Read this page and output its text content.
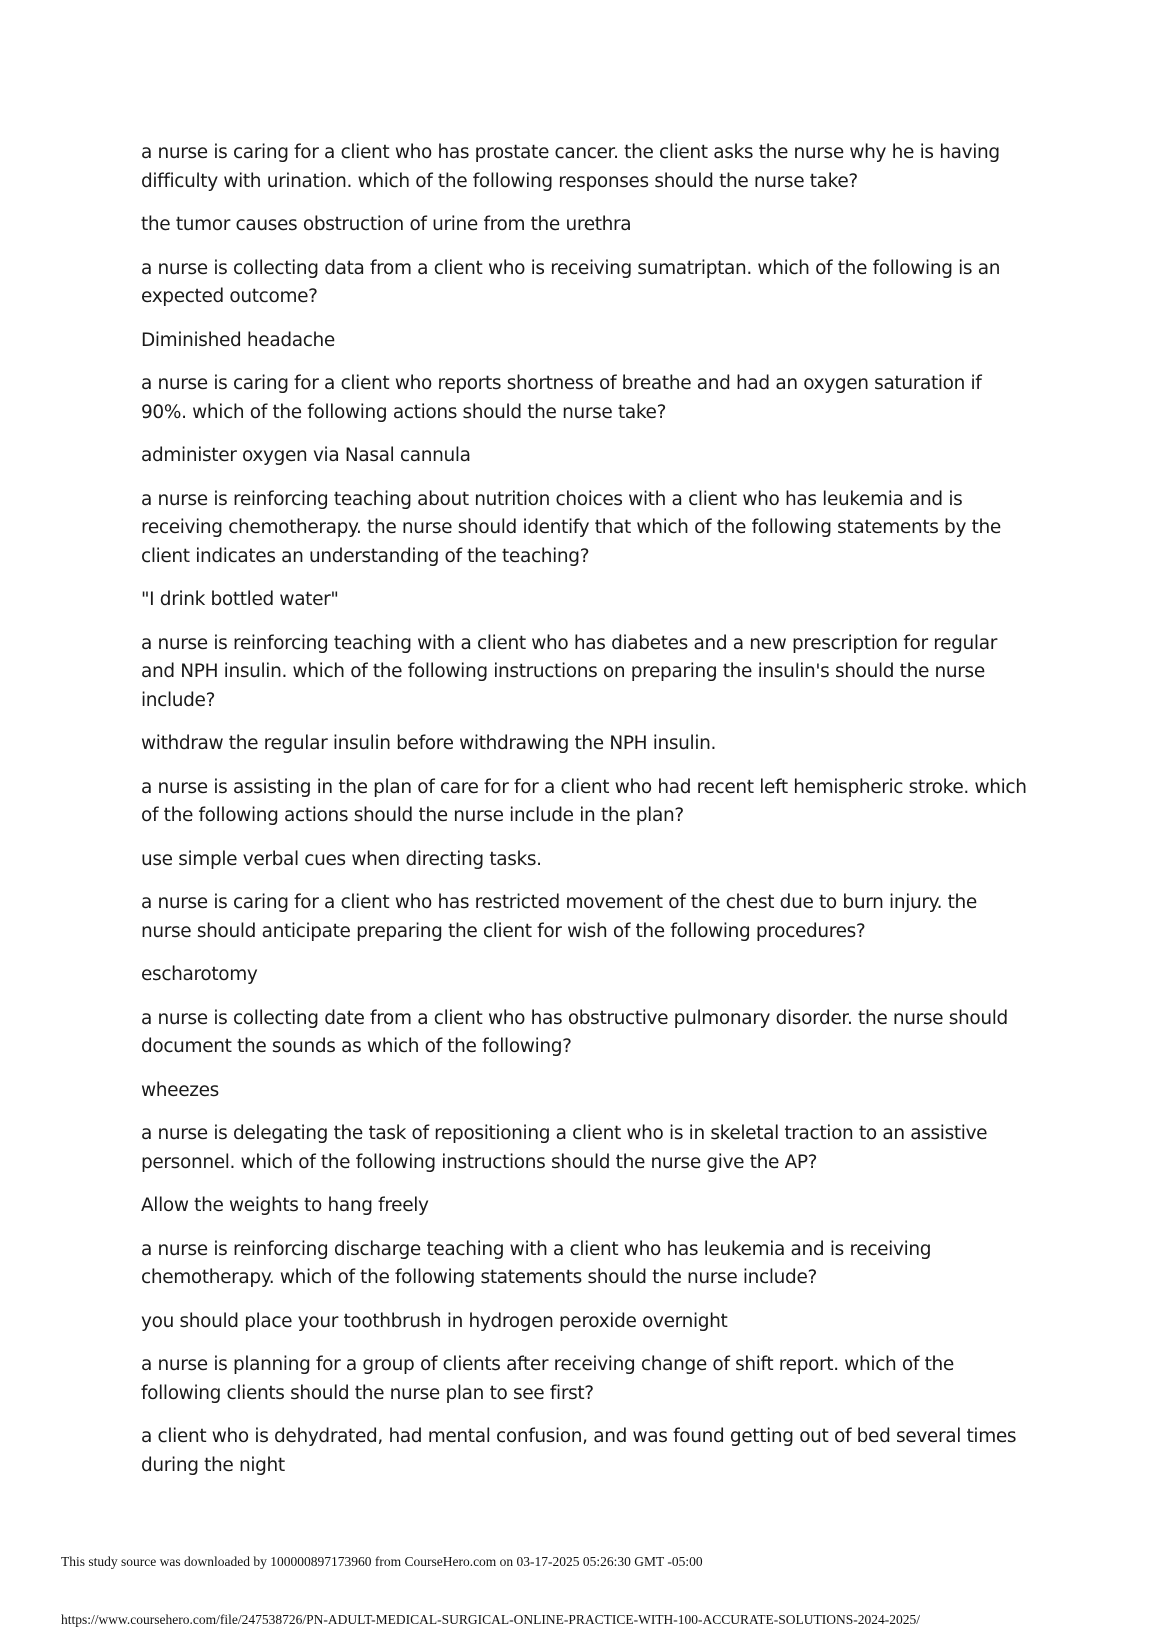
a nurse is caring for a client who has prostate cancer. the client asks the nurse why he is having difficulty with urination. which of the following responses should the nurse take?

the tumor causes obstruction of urine from the urethra

a nurse is collecting data from a client who is receiving sumatriptan. which of the following is an expected outcome?

Diminished headache

a nurse is caring for a client who reports shortness of breathe and had an oxygen saturation if 90%. which of the following actions should the nurse take?

administer oxygen via Nasal cannula

a nurse is reinforcing teaching about nutrition choices with a client who has leukemia and is receiving chemotherapy. the nurse should identify that which of the following statements by the client indicates an understanding of the teaching?

"I drink bottled water"

a nurse is reinforcing teaching with a client who has diabetes and a new prescription for regular and NPH insulin. which of the following instructions on preparing the insulin's should the nurse include?

withdraw the regular insulin before withdrawing the NPH insulin.

a nurse is assisting in the plan of care for for a client who had recent left hemispheric stroke. which of the following actions should the nurse include in the plan?

use simple verbal cues when directing tasks.

a nurse is caring for a client who has restricted movement of the chest due to burn injury. the nurse should anticipate preparing the client for wish of the following procedures?

escharotomy

a nurse is collecting date from a client who has obstructive pulmonary disorder. the nurse should document the sounds as which of the following?

wheezes

a nurse is delegating the task of repositioning a client who is in skeletal traction to an assistive personnel. which of the following instructions should the nurse give the AP?

Allow the weights to hang freely

a nurse is reinforcing discharge teaching with a client who has leukemia and is receiving chemotherapy. which of the following statements should the nurse include?

you should place your toothbrush in hydrogen peroxide overnight

a nurse is planning for a group of clients after receiving change of shift report. which of the following clients should the nurse plan to see first?

a client who is dehydrated, had mental confusion, and was found getting out of bed several times during the night

This study source was downloaded by 100000897173960 from CourseHero.com on 03-17-2025 05:26:30 GMT -05:00
https://www.coursehero.com/file/247538726/PN-ADULT-MEDICAL-SURGICAL-ONLINE-PRACTICE-WITH-100-ACCURATE-SOLUTIONS-2024-2025/
